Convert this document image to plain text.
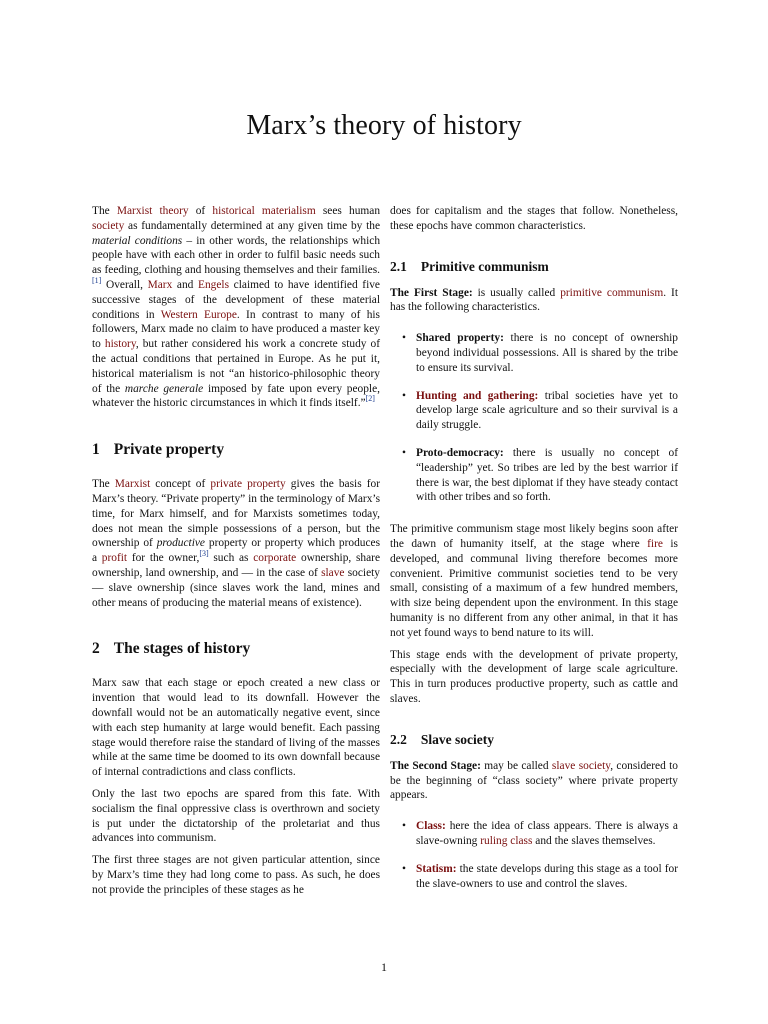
Marx’s theory of history

The Marxist theory of historical materialism sees human society as fundamentally determined at any given time by the material conditions – in other words, the relationships which people have with each other in order to fulfil basic needs such as feeding, clothing and housing themselves and their families.[1] Overall, Marx and Engels claimed to have identified five successive stages of the development of these material conditions in Western Europe. In contrast to many of his followers, Marx made no claim to have produced a master key to history, but rather considered his work a concrete study of the actual conditions that pertained in Europe. As he put it, historical materialism is not “an historico-philosophic theory of the marche generale imposed by fate upon every people, whatever the historic circumstances in which it finds itself.”[2]

1 Private property

The Marxist concept of private property gives the basis for Marx’s theory. “Private property” in the terminology of Marx’s time, for Marx himself, and for Marxists sometimes today, does not mean the simple possessions of a person, but the ownership of productive property or property which produces a profit for the owner,[3] such as corporate ownership, share ownership, land ownership, and — in the case of slave society — slave ownership (since slaves work the land, mines and other means of producing the material means of existence).

2 The stages of history

Marx saw that each stage or epoch created a new class or invention that would lead to its downfall. However the downfall would not be an automatically negative event, since with each step humanity at large would benefit. Each passing stage would therefore raise the standard of living of the masses while at the same time be doomed to its own downfall because of internal contradictions and class conflicts.

Only the last two epochs are spared from this fate. With socialism the final oppressive class is overthrown and society is put under the dictatorship of the proletariat and thus advances into communism.

The first three stages are not given particular attention, since by Marx’s time they had long come to pass. As such, he does not provide the principles of these stages as he

does for capitalism and the stages that follow. Nonetheless, these epochs have common characteristics.

2.1 Primitive communism

The First Stage: is usually called primitive communism. It has the following characteristics.

• Shared property: there is no concept of ownership beyond individual possessions. All is shared by the tribe to ensure its survival.
• Hunting and gathering: tribal societies have yet to develop large scale agriculture and so their survival is a daily struggle.
• Proto-democracy: there is usually no concept of “leadership” yet. So tribes are led by the best warrior if there is war, the best diplomat if they have steady contact with other tribes and so forth.

The primitive communism stage most likely begins soon after the dawn of humanity itself, at the stage where fire is developed, and communal living therefore becomes more convenient. Primitive communist societies tend to be very small, consisting of a maximum of a few hundred members, with size being dependent upon the environment. In this stage humanity is no different from any other animal, in that it has not yet found ways to bend nature to its will.

This stage ends with the development of private property, especially with the development of large scale agriculture. This in turn produces productive property, such as cattle and slaves.

2.2 Slave society

The Second Stage: may be called slave society, considered to be the beginning of “class society” where private property appears.

• Class: here the idea of class appears. There is always a slave-owning ruling class and the slaves themselves.
• Statism: the state develops during this stage as a tool for the slave-owners to use and control the slaves.
1
